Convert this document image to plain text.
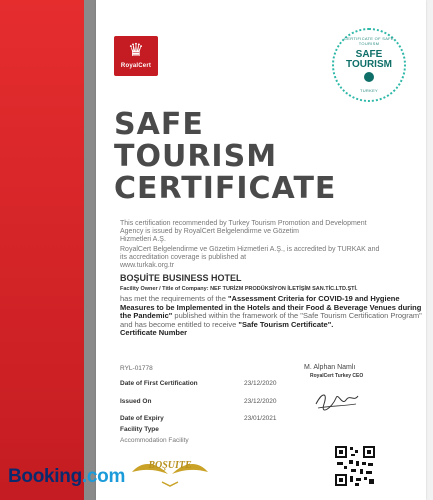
♛
RoyalCert
CERTIFICATE OF SAFE TOURISM
SAFE
TOURISM
TURKEY
SAFE
TOURISM
CERTIFICATE
This certification recommended by Turkey Tourism Promotion and Development
Agency is issued by RoyalCert Belgelendirme ve Gözetim
Hizmetleri A.Ş.
RoyalCert Belgelendirme ve Gözetim Hizmetleri A.Ş., is accredited by TURKAK and
its accreditation coverage is published at
www.turkak.org.tr
BOŞUİTE BUSINESS HOTEL
Facility Owner / Title of Company: NEF TURİZM PRODÜKSİYON İLETİŞİM SAN.TİC.LTD.ŞTİ.
has met the requirements of the "Assessment Criteria for COVID-19 and Hygiene Measures to be Implemented in the Hotels and their Food & Beverage Venues during the Pandemic" published within the framework of the "Safe Tourism Certification Program" and has become entitled to receive "Safe Tourism Certificate".
Certificate Number
RYL-01778	M. Alphan Namlı
RoyalCert Turkey CEO
Date of First Certification	23/12/2020
Issued On	23/12/2020
Date of Expiry	23/01/2021
Facility Type
Accommodation Facility
BOŞUITE
Booking.com
